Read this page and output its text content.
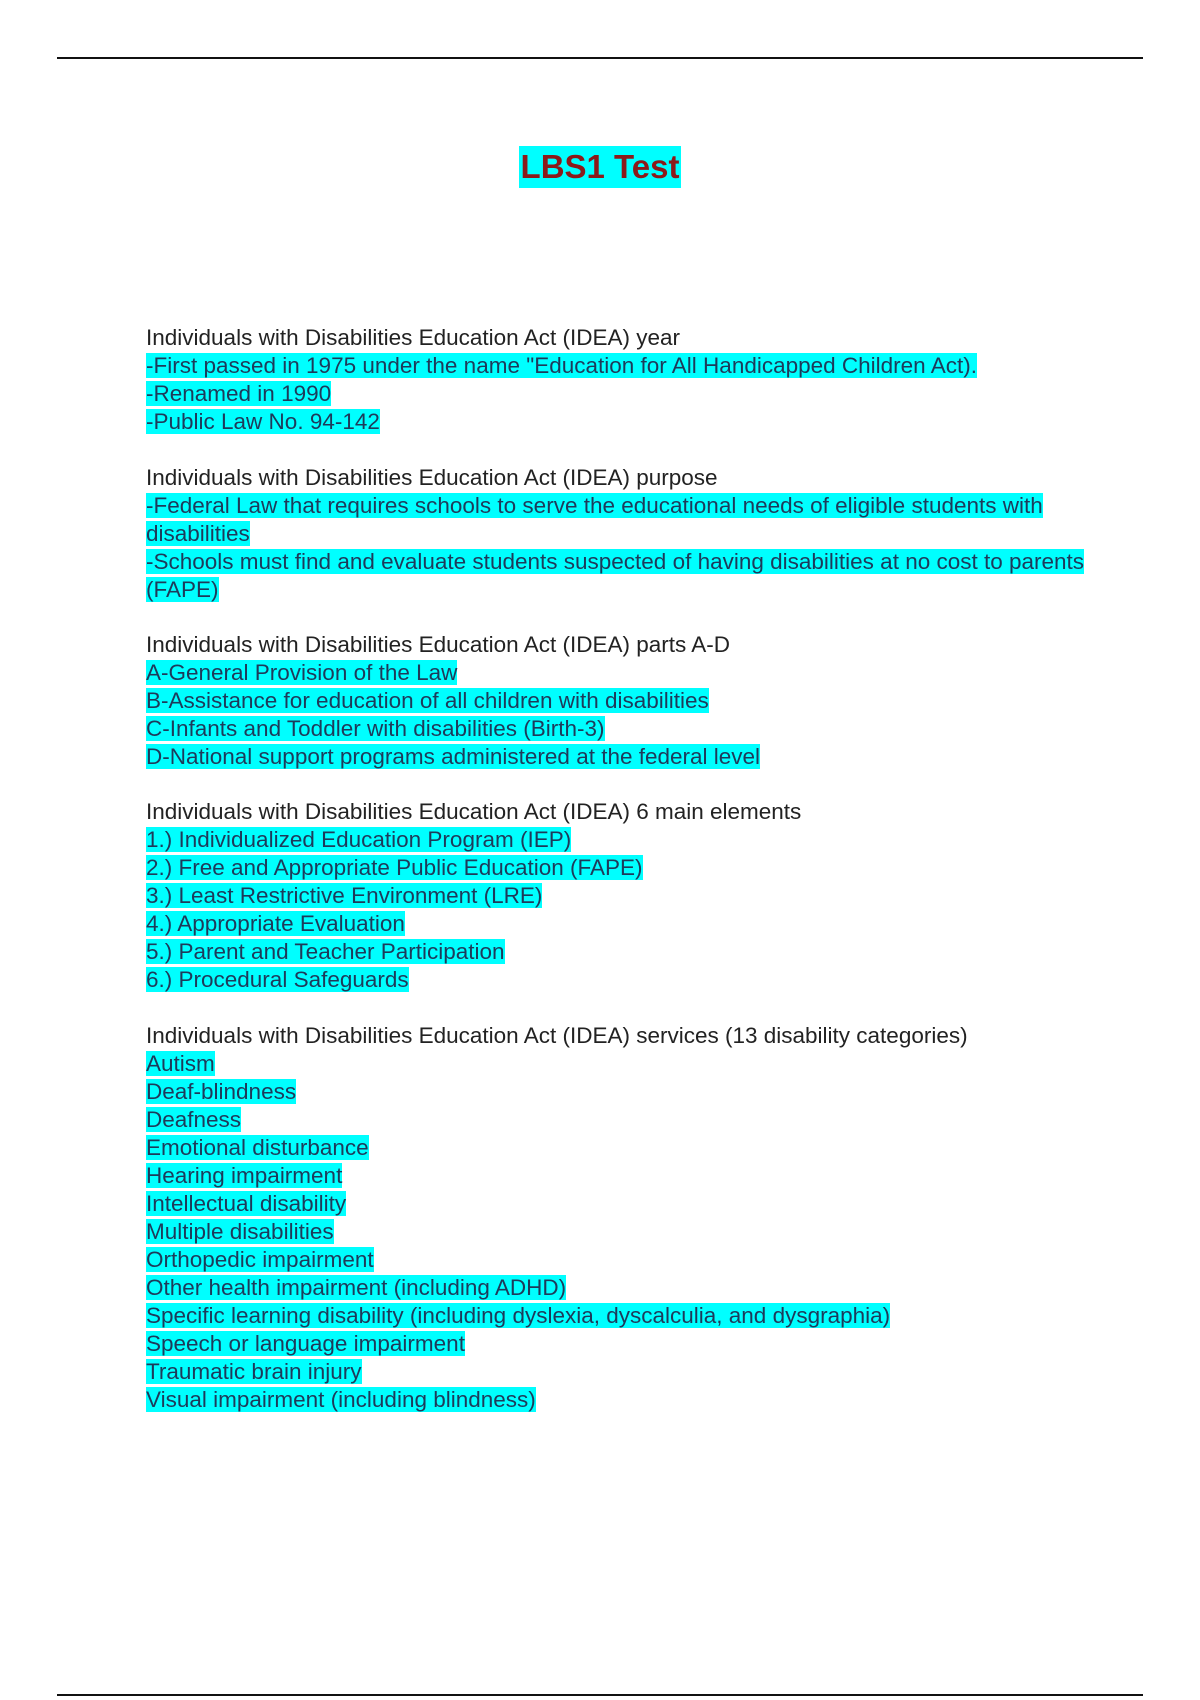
LBS1 Test
Individuals with Disabilities Education Act (IDEA) year
-First passed in 1975 under the name "Education for All Handicapped Children Act).
-Renamed in 1990
-Public Law No. 94-142
Individuals with Disabilities Education Act (IDEA) purpose
-Federal Law that requires schools to serve the educational needs of eligible students with disabilities
-Schools must find and evaluate students suspected of having disabilities at no cost to parents (FAPE)
Individuals with Disabilities Education Act (IDEA) parts A-D
A-General Provision of the Law
B-Assistance for education of all children with disabilities
C-Infants and Toddler with disabilities (Birth-3)
D-National support programs administered at the federal level
Individuals with Disabilities Education Act (IDEA) 6 main elements
1.) Individualized Education Program (IEP)
2.) Free and Appropriate Public Education (FAPE)
3.) Least Restrictive Environment (LRE)
4.) Appropriate Evaluation
5.) Parent and Teacher Participation
6.) Procedural Safeguards
Individuals with Disabilities Education Act (IDEA) services (13 disability categories)
Autism
Deaf-blindness
Deafness
Emotional disturbance
Hearing impairment
Intellectual disability
Multiple disabilities
Orthopedic impairment
Other health impairment (including ADHD)
Specific learning disability (including dyslexia, dyscalculia, and dysgraphia)
Speech or language impairment
Traumatic brain injury
Visual impairment (including blindness)
